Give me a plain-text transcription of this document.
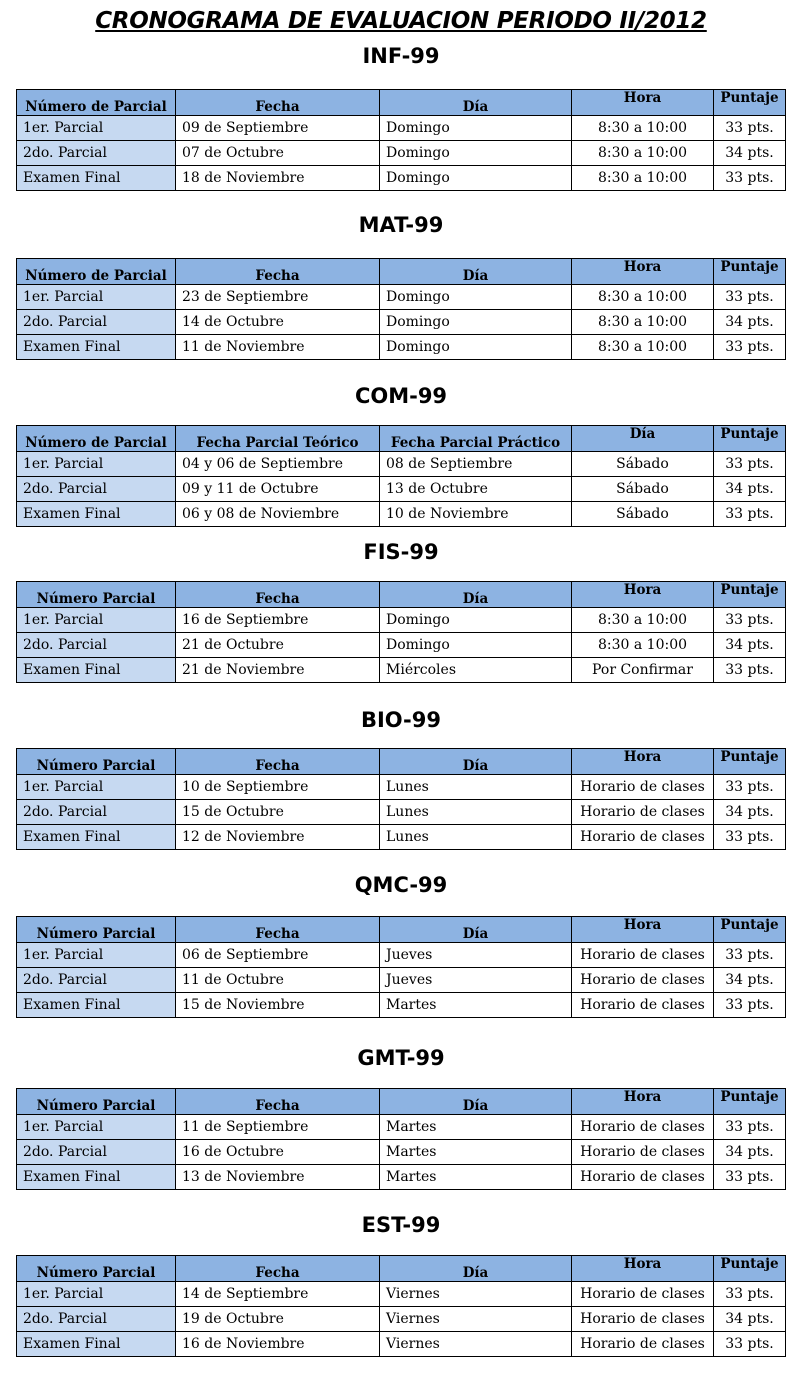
CRONOGRAMA DE EVALUACION PERIODO II/2012
INF-99
Número de Parcial	Fecha	Día	Hora	Puntaje
1er. Parcial	09 de Septiembre	Domingo	8:30 a 10:00	33 pts.
2do. Parcial	07 de Octubre	Domingo	8:30 a 10:00	34 pts.
Examen Final	18 de Noviembre	Domingo	8:30 a 10:00	33 pts.
MAT-99
Número de Parcial	Fecha	Día	Hora	Puntaje
1er. Parcial	23 de Septiembre	Domingo	8:30 a 10:00	33 pts.
2do. Parcial	14 de Octubre	Domingo	8:30 a 10:00	34 pts.
Examen Final	11 de Noviembre	Domingo	8:30 a 10:00	33 pts.
COM-99
Número de Parcial	Fecha Parcial Teórico	Fecha Parcial Práctico	Día	Puntaje
1er. Parcial	04 y 06 de Septiembre	08 de Septiembre	Sábado	33 pts.
2do. Parcial	09 y 11 de Octubre	13 de Octubre	Sábado	34 pts.
Examen Final	06 y 08 de Noviembre	10 de Noviembre	Sábado	33 pts.
FIS-99
Número Parcial	Fecha	Día	Hora	Puntaje
1er. Parcial	16 de Septiembre	Domingo	8:30 a 10:00	33 pts.
2do. Parcial	21 de Octubre	Domingo	8:30 a 10:00	34 pts.
Examen Final	21 de Noviembre	Miércoles	Por Confirmar	33 pts.
BIO-99
Número Parcial	Fecha	Día	Hora	Puntaje
1er. Parcial	10 de Septiembre	Lunes	Horario de clases	33 pts.
2do. Parcial	15 de Octubre	Lunes	Horario de clases	34 pts.
Examen Final	12 de Noviembre	Lunes	Horario de clases	33 pts.
QMC-99
Número Parcial	Fecha	Día	Hora	Puntaje
1er. Parcial	06 de Septiembre	Jueves	Horario de clases	33 pts.
2do. Parcial	11 de Octubre	Jueves	Horario de clases	34 pts.
Examen Final	15 de Noviembre	Martes	Horario de clases	33 pts.
GMT-99
Número Parcial	Fecha	Día	Hora	Puntaje
1er. Parcial	11 de Septiembre	Martes	Horario de clases	33 pts.
2do. Parcial	16 de Octubre	Martes	Horario de clases	34 pts.
Examen Final	13 de Noviembre	Martes	Horario de clases	33 pts.
EST-99
Número Parcial	Fecha	Día	Hora	Puntaje
1er. Parcial	14 de Septiembre	Viernes	Horario de clases	33 pts.
2do. Parcial	19 de Octubre	Viernes	Horario de clases	34 pts.
Examen Final	16 de Noviembre	Viernes	Horario de clases	33 pts.
